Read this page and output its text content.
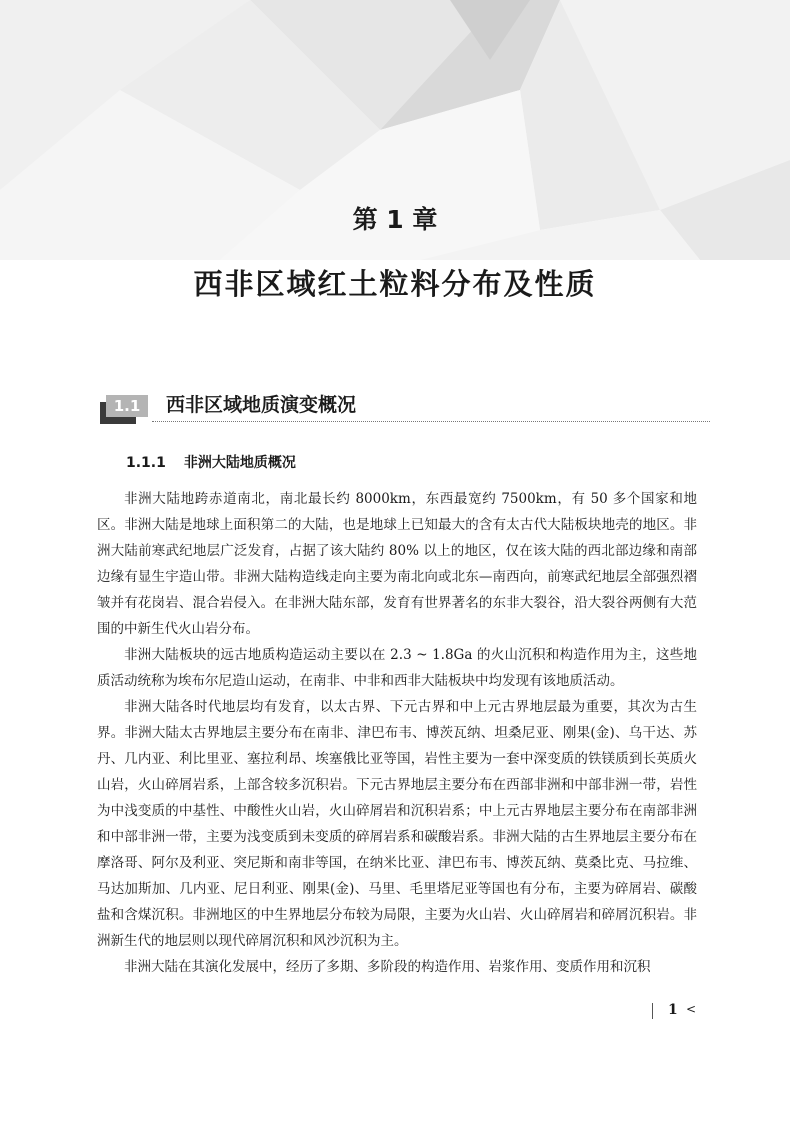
第 1 章
西非区域红土粒料分布及性质
1.1	西非区域地质演变概况
1.1.1 非洲大陆地质概况

非洲大陆地跨赤道南北，南北最长约 8000km，东西最宽约 7500km，有 50 多个国家和地区。非洲大陆是地球上面积第二的大陆，也是地球上已知最大的含有太古代大陆板块地壳的地区。非洲大陆前寒武纪地层广泛发育，占据了该大陆约 80% 以上的地区，仅在该大陆的西北部边缘和南部边缘有显生宇造山带。非洲大陆构造线走向主要为南北向或北东—南西向，前寒武纪地层全部强烈褶皱并有花岗岩、混合岩侵入。在非洲大陆东部，发育有世界著名的东非大裂谷，沿大裂谷两侧有大范围的中新生代火山岩分布。

非洲大陆板块的远古地质构造运动主要以在 2.3 ~ 1.8Ga 的火山沉积和构造作用为主，这些地质活动统称为埃布尔尼造山运动，在南非、中非和西非大陆板块中均发现有该地质活动。

非洲大陆各时代地层均有发育，以太古界、下元古界和中上元古界地层最为重要，其次为古生界。非洲大陆太古界地层主要分布在南非、津巴布韦、博茨瓦纳、坦桑尼亚、刚果(金)、乌干达、苏丹、几内亚、利比里亚、塞拉利昂、埃塞俄比亚等国，岩性主要为一套中深变质的铁镁质到长英质火山岩，火山碎屑岩系，上部含较多沉积岩。下元古界地层主要分布在西部非洲和中部非洲一带，岩性为中浅变质的中基性、中酸性火山岩，火山碎屑岩和沉积岩系；中上元古界地层主要分布在南部非洲和中部非洲一带，主要为浅变质到未变质的碎屑岩系和碳酸岩系。非洲大陆的古生界地层主要分布在摩洛哥、阿尔及利亚、突尼斯和南非等国，在纳米比亚、津巴布韦、博茨瓦纳、莫桑比克、马拉维、马达加斯加、几内亚、尼日利亚、刚果(金)、马里、毛里塔尼亚等国也有分布，主要为碎屑岩、碳酸盐和含煤沉积。非洲地区的中生界地层分布较为局限，主要为火山岩、火山碎屑岩和碎屑沉积岩。非洲新生代的地层则以现代碎屑沉积和风沙沉积为主。

非洲大陆在其演化发展中，经历了多期、多阶段的构造作用、岩浆作用、变质作用和沉积

1 <
